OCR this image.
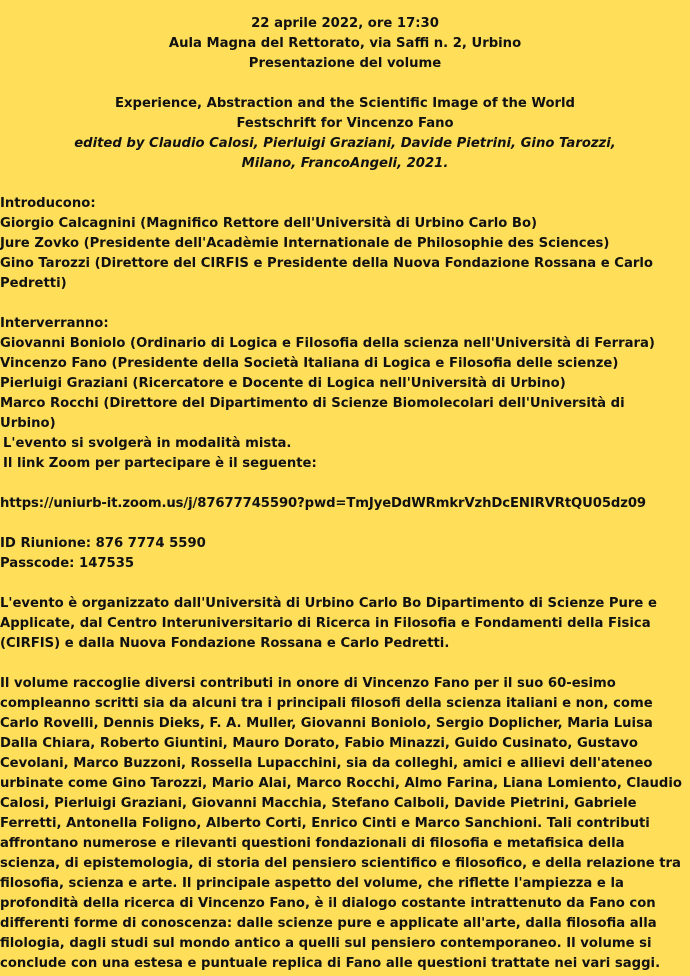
22 aprile 2022, ore 17:30
Aula Magna del Rettorato, via Saffi n. 2, Urbino
Presentazione del volume
Experience, Abstraction and the Scientific Image of the World
Festschrift for Vincenzo Fano
edited by Claudio Calosi, Pierluigi Graziani, Davide Pietrini, Gino Tarozzi,
Milano, FrancoAngeli, 2021.
Introducono:
Giorgio Calcagnini (Magnifico Rettore dell'Università di Urbino Carlo Bo)
Jure Zovko (Presidente dell'Acadèmie Internationale de Philosophie des Sciences)
Gino Tarozzi (Direttore del CIRFIS e Presidente della Nuova Fondazione Rossana e Carlo Pedretti)
Interverranno:
Giovanni Boniolo (Ordinario di Logica e Filosofia della scienza nell'Università di Ferrara)
Vincenzo Fano (Presidente della Società Italiana di Logica e Filosofia delle scienze)
Pierluigi Graziani (Ricercatore e Docente di Logica nell'Università di Urbino)
Marco Rocchi (Direttore del Dipartimento di Scienze Biomolecolari dell'Università di Urbino)
L'evento si svolgerà in modalità mista.
Il link Zoom per partecipare è il seguente:
https://uniurb-it.zoom.us/j/87677745590?pwd=TmJyeDdWRmkrVzhDcENIRVRtQU05dz09
ID Riunione: 876 7774 5590
Passcode: 147535
L'evento è organizzato dall'Università di Urbino Carlo Bo Dipartimento di Scienze Pure e Applicate, dal Centro Interuniversitario di Ricerca in Filosofia e Fondamenti della Fisica (CIRFIS) e dalla Nuova Fondazione Rossana e Carlo Pedretti.
Il volume raccoglie diversi contributi in onore di Vincenzo Fano per il suo 60-esimo compleanno scritti sia da alcuni tra i principali filosofi della scienza italiani e non, come Carlo Rovelli, Dennis Dieks, F. A. Muller, Giovanni Boniolo, Sergio Doplicher, Maria Luisa Dalla Chiara, Roberto Giuntini, Mauro Dorato, Fabio Minazzi, Guido Cusinato, Gustavo Cevolani, Marco Buzzoni, Rossella Lupacchini, sia da colleghi, amici e allievi dell'ateneo urbinate come Gino Tarozzi, Mario Alai, Marco Rocchi, Almo Farina, Liana Lomiento, Claudio Calosi, Pierluigi Graziani, Giovanni Macchia, Stefano Calboli, Davide Pietrini, Gabriele Ferretti, Antonella Foligno, Alberto Corti, Enrico Cinti e Marco Sanchioni. Tali contributi affrontano numerose e rilevanti questioni fondazionali di filosofia e metafisica della scienza, di epistemologia, di storia del pensiero scientifico e filosofico, e della relazione tra filosofia, scienza e arte. Il principale aspetto del volume, che riflette l'ampiezza e la profondità della ricerca di Vincenzo Fano, è il dialogo costante intrattenuto da Fano con differenti forme di conoscenza: dalle scienze pure e applicate all'arte, dalla filosofia alla filologia, dagli studi sul mondo antico a quelli sul pensiero contemporaneo. Il volume si conclude con una estesa e puntuale replica di Fano alle questioni trattate nei vari saggi.
